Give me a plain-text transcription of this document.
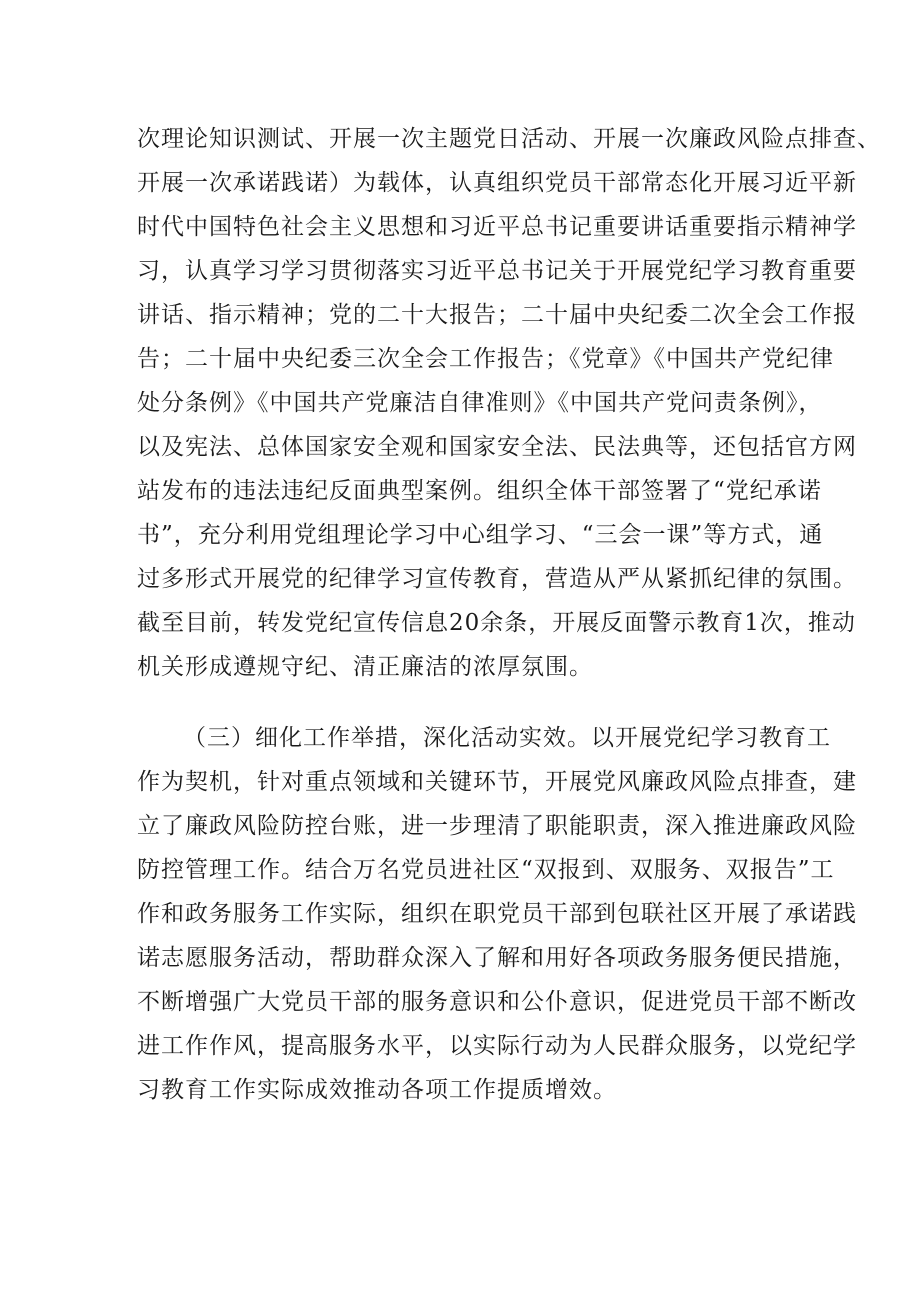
次理论知识测试、开展一次主题党日活动、开展一次廉政风险点排查、
开展一次承诺践诺）为载体，认真组织党员干部常态化开展习近平新
时代中国特色社会主义思想和习近平总书记重要讲话重要指示精神学
习，认真学习学习贯彻落实习近平总书记关于开展党纪学习教育重要
讲话、指示精神；党的二十大报告；二十届中央纪委二次全会工作报
告；二十届中央纪委三次全会工作报告；《党章》《中国共产党纪律
处分条例》《中国共产党廉洁自律准则》《中国共产党问责条例》，
以及宪法、总体国家安全观和国家安全法、民法典等，还包括官方网
站发布的违法违纪反面典型案例。组织全体干部签署了“党纪承诺
书”，充分利用党组理论学习中心组学习、“三会一课”等方式，通
过多形式开展党的纪律学习宣传教育，营造从严从紧抓纪律的氛围。
截至目前，转发党纪宣传信息20余条，开展反面警示教育1次，推动
机关形成遵规守纪、清正廉洁的浓厚氛围。
（三）细化工作举措，深化活动实效。以开展党纪学习教育工
作为契机，针对重点领域和关键环节，开展党风廉政风险点排查，建
立了廉政风险防控台账，进一步理清了职能职责，深入推进廉政风险
防控管理工作。结合万名党员进社区“双报到、双服务、双报告”工
作和政务服务工作实际，组织在职党员干部到包联社区开展了承诺践
诺志愿服务活动，帮助群众深入了解和用好各项政务服务便民措施，
不断增强广大党员干部的服务意识和公仆意识，促进党员干部不断改
进工作作风，提高服务水平，以实际行动为人民群众服务，以党纪学
习教育工作实际成效推动各项工作提质增效。
